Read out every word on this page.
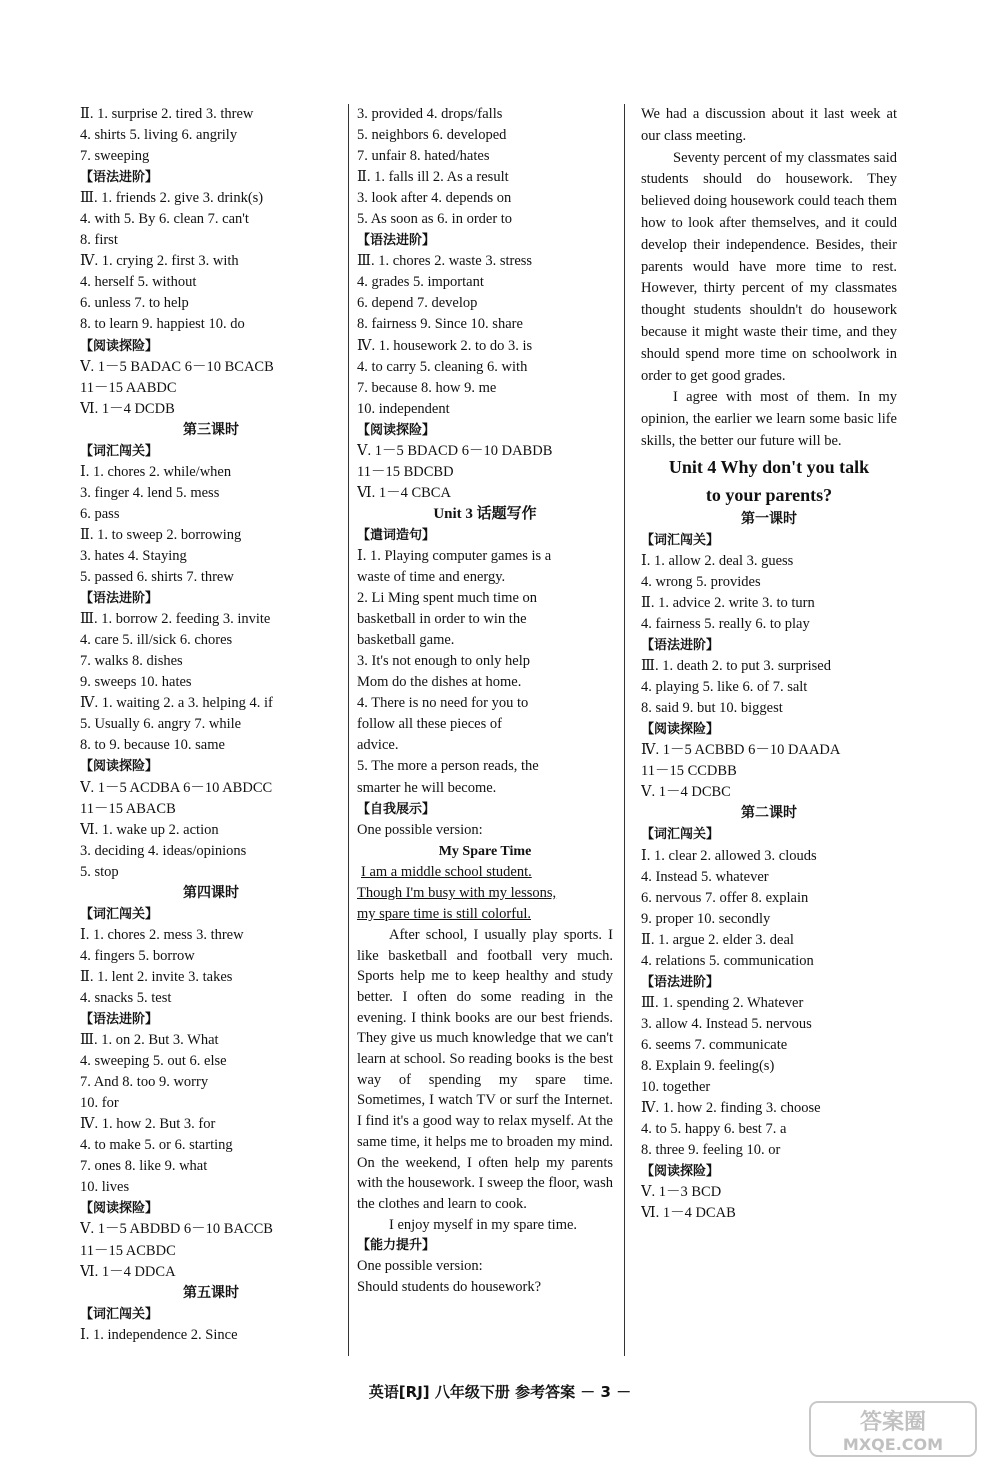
Ⅱ. 1. surprise 2. tired 3. threw
4. shirts 5. living 6. angrily
7. sweeping
【语法进阶】
Ⅲ. 1. friends 2. give 3. drink(s)
4. with 5. By 6. clean 7. can't
8. first
Ⅳ. 1. crying 2. first 3. with
4. herself 5. without
6. unless 7. to help
8. to learn 9. happiest 10. do
【阅读探险】
Ⅴ. 1－5 BADAC 6－10 BCACB
11－15 AABDC
Ⅵ. 1－4 DCDB
第三课时
【词汇闯关】
Ⅰ. 1. chores 2. while/when
3. finger 4. lend 5. mess
6. pass
Ⅱ. 1. to sweep 2. borrowing
3. hates 4. Staying
5. passed 6. shirts 7. threw
【语法进阶】
Ⅲ. 1. borrow 2. feeding 3. invite
4. care 5. ill/sick 6. chores
7. walks 8. dishes
9. sweeps 10. hates
Ⅳ. 1. waiting 2. a 3. helping 4. if
5. Usually 6. angry 7. while
8. to 9. because 10. same
【阅读探险】
Ⅴ. 1－5 ACDBA 6－10 ABDCC
11－15 ABACB
Ⅵ. 1. wake up 2. action
3. deciding 4. ideas/opinions
5. stop
第四课时
【词汇闯关】
Ⅰ. 1. chores 2. mess 3. threw
4. fingers 5. borrow
Ⅱ. 1. lent 2. invite 3. takes
4. snacks 5. test
【语法进阶】
Ⅲ. 1. on 2. But 3. What
4. sweeping 5. out 6. else
7. And 8. too 9. worry
10. for
Ⅳ. 1. how 2. But 3. for
4. to make 5. or 6. starting
7. ones 8. like 9. what
10. lives
【阅读探险】
Ⅴ. 1－5 ABDBD 6－10 BACCB
11－15 ACBDC
Ⅵ. 1－4 DDCA
第五课时
【词汇闯关】
Ⅰ. 1. independence 2. Since
3. provided 4. drops/falls
5. neighbors 6. developed
7. unfair 8. hated/hates
Ⅱ. 1. falls ill 2. As a result
3. look after 4. depends on
5. As soon as 6. in order to
【语法进阶】
Ⅲ. 1. chores 2. waste 3. stress
4. grades 5. important
6. depend 7. develop
8. fairness 9. Since 10. share
Ⅳ. 1. housework 2. to do 3. is
4. to carry 5. cleaning 6. with
7. because 8. how 9. me
10. independent
【阅读探险】
Ⅴ. 1－5 BDACD 6－10 DABDB
11－15 BDCBD
Ⅵ. 1－4 CBCA
Unit 3 话题写作
【遣词造句】
Ⅰ. 1. Playing computer games is a
waste of time and energy.
2. Li Ming spent much time on
basketball in order to win the
basketball game.
3. It's not enough to only help
Mom do the dishes at home.
4. There is no need for you to
follow all these pieces of
advice.
5. The more a person reads, the
smarter he will become.
【自我展示】
One possible version:
My Spare Time
I am a middle school student.
Though I'm busy with my lessons,
my spare time is still colorful.
After school, I usually play sports. I like basketball and football very much. Sports help me to keep healthy and study better. I often do some reading in the evening. I think books are our best friends. They give us much knowledge that we can't learn at school. So reading books is the best way of spending my spare time. Sometimes, I watch TV or surf the Internet. I find it's a good way to relax myself. At the same time, it helps me to broaden my mind. On the weekend, I often help my parents with the housework. I sweep the floor, wash the clothes and learn to cook.
I enjoy myself in my spare time.
【能力提升】
One possible version:
Should students do housework?
We had a discussion about it last week at our class meeting.
Seventy percent of my classmates said students should do housework. They believed doing housework could teach them how to look after themselves, and it could develop their independence. Besides, their parents would have more time to rest. However, thirty percent of my classmates thought students shouldn't do housework because it might waste their time, and they should spend more time on schoolwork in order to get good grades.
I agree with most of them. In my opinion, the earlier we learn some basic life skills, the better our future will be.
Unit 4 Why don't you talk
to your parents?
第一课时
【词汇闯关】
Ⅰ. 1. allow 2. deal 3. guess
4. wrong 5. provides
Ⅱ. 1. advice 2. write 3. to turn
4. fairness 5. really 6. to play
【语法进阶】
Ⅲ. 1. death 2. to put 3. surprised
4. playing 5. like 6. of 7. salt
8. said 9. but 10. biggest
【阅读探险】
Ⅳ. 1－5 ACBBD 6－10 DAADA
11－15 CCDBB
Ⅴ. 1－4 DCBC
第二课时
【词汇闯关】
Ⅰ. 1. clear 2. allowed 3. clouds
4. Instead 5. whatever
6. nervous 7. offer 8. explain
9. proper 10. secondly
Ⅱ. 1. argue 2. elder 3. deal
4. relations 5. communication
【语法进阶】
Ⅲ. 1. spending 2. Whatever
3. allow 4. Instead 5. nervous
6. seems 7. communicate
8. Explain 9. feeling(s)
10. together
Ⅳ. 1. how 2. finding 3. choose
4. to 5. happy 6. best 7. a
8. three 9. feeling 10. or
【阅读探险】
Ⅴ. 1－3 BCD
Ⅵ. 1－4 DCAB
英语[RJ] 八年级下册 参考答案 － 3 －
答案圈
MXQE.COM
